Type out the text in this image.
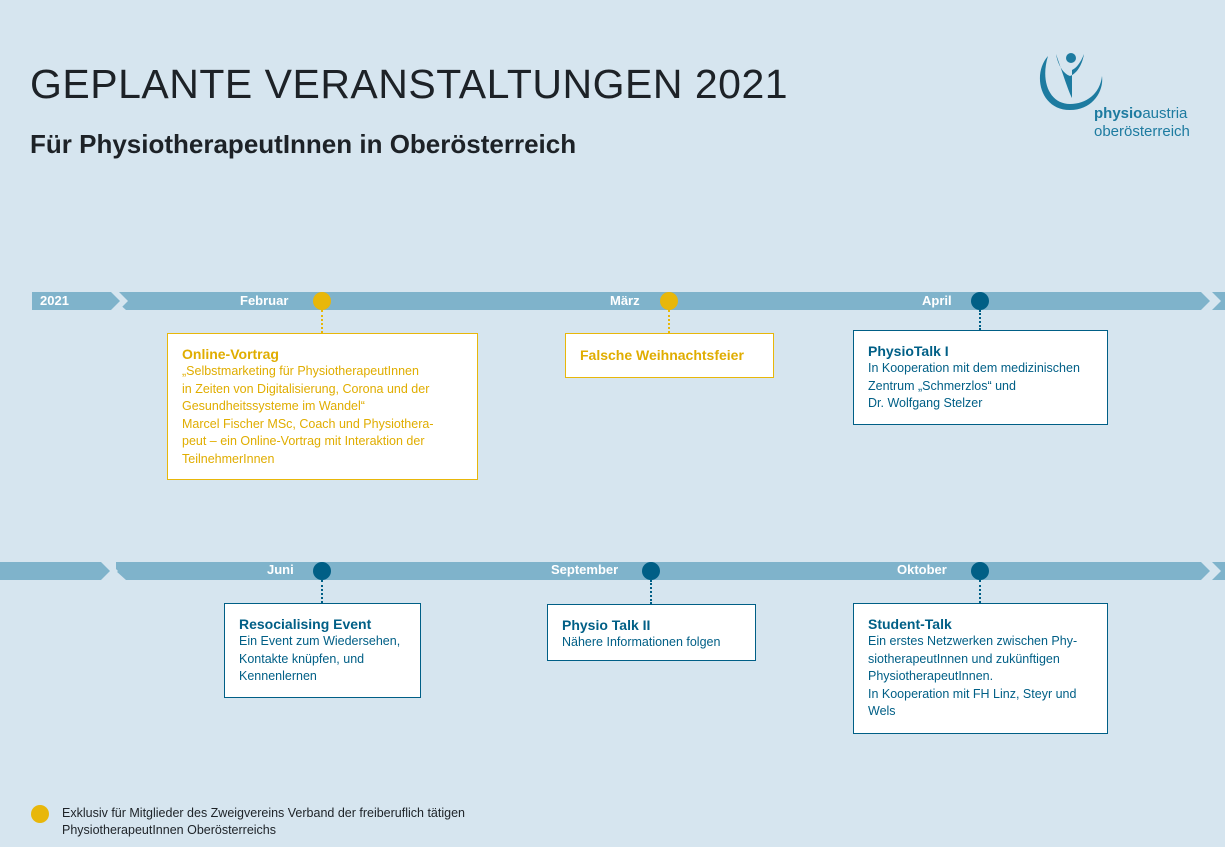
GEPLANTE VERANSTALTUNGEN 2021
Für PhysiotherapeutInnen in Oberösterreich
physioaustria
oberösterreich
2021	Februar	März	April
Online-Vortrag
„Selbstmarketing für PhysiotherapeutInnen
in Zeiten von Digitalisierung, Corona und der
Gesundheitssysteme im Wandel“
Marcel Fischer MSc, Coach und Physiothera-
peut – ein Online-Vortrag mit Interaktion der
TeilnehmerInnen
Falsche Weihnachtsfeier	PhysioTalk I
In Kooperation mit dem medizinischen
Zentrum „Schmerzlos“ und
Dr. Wolfgang Stelzer
Juni	September	Oktober
Resocialising Event
Ein Event zum Wiedersehen,
Kontakte knüpfen, und
Kennenlernen
Physio Talk II
Nähere Informationen folgen
Student-Talk
Ein erstes Netzwerken zwischen Phy-
siotherapeutInnen und zukünftigen
PhysiotherapeutInnen.
In Kooperation mit FH Linz, Steyr und
Wels
Exklusiv für Mitglieder des Zweigvereins Verband der freiberuflich tätigen
PhysiotherapeutInnen Oberösterreichs
